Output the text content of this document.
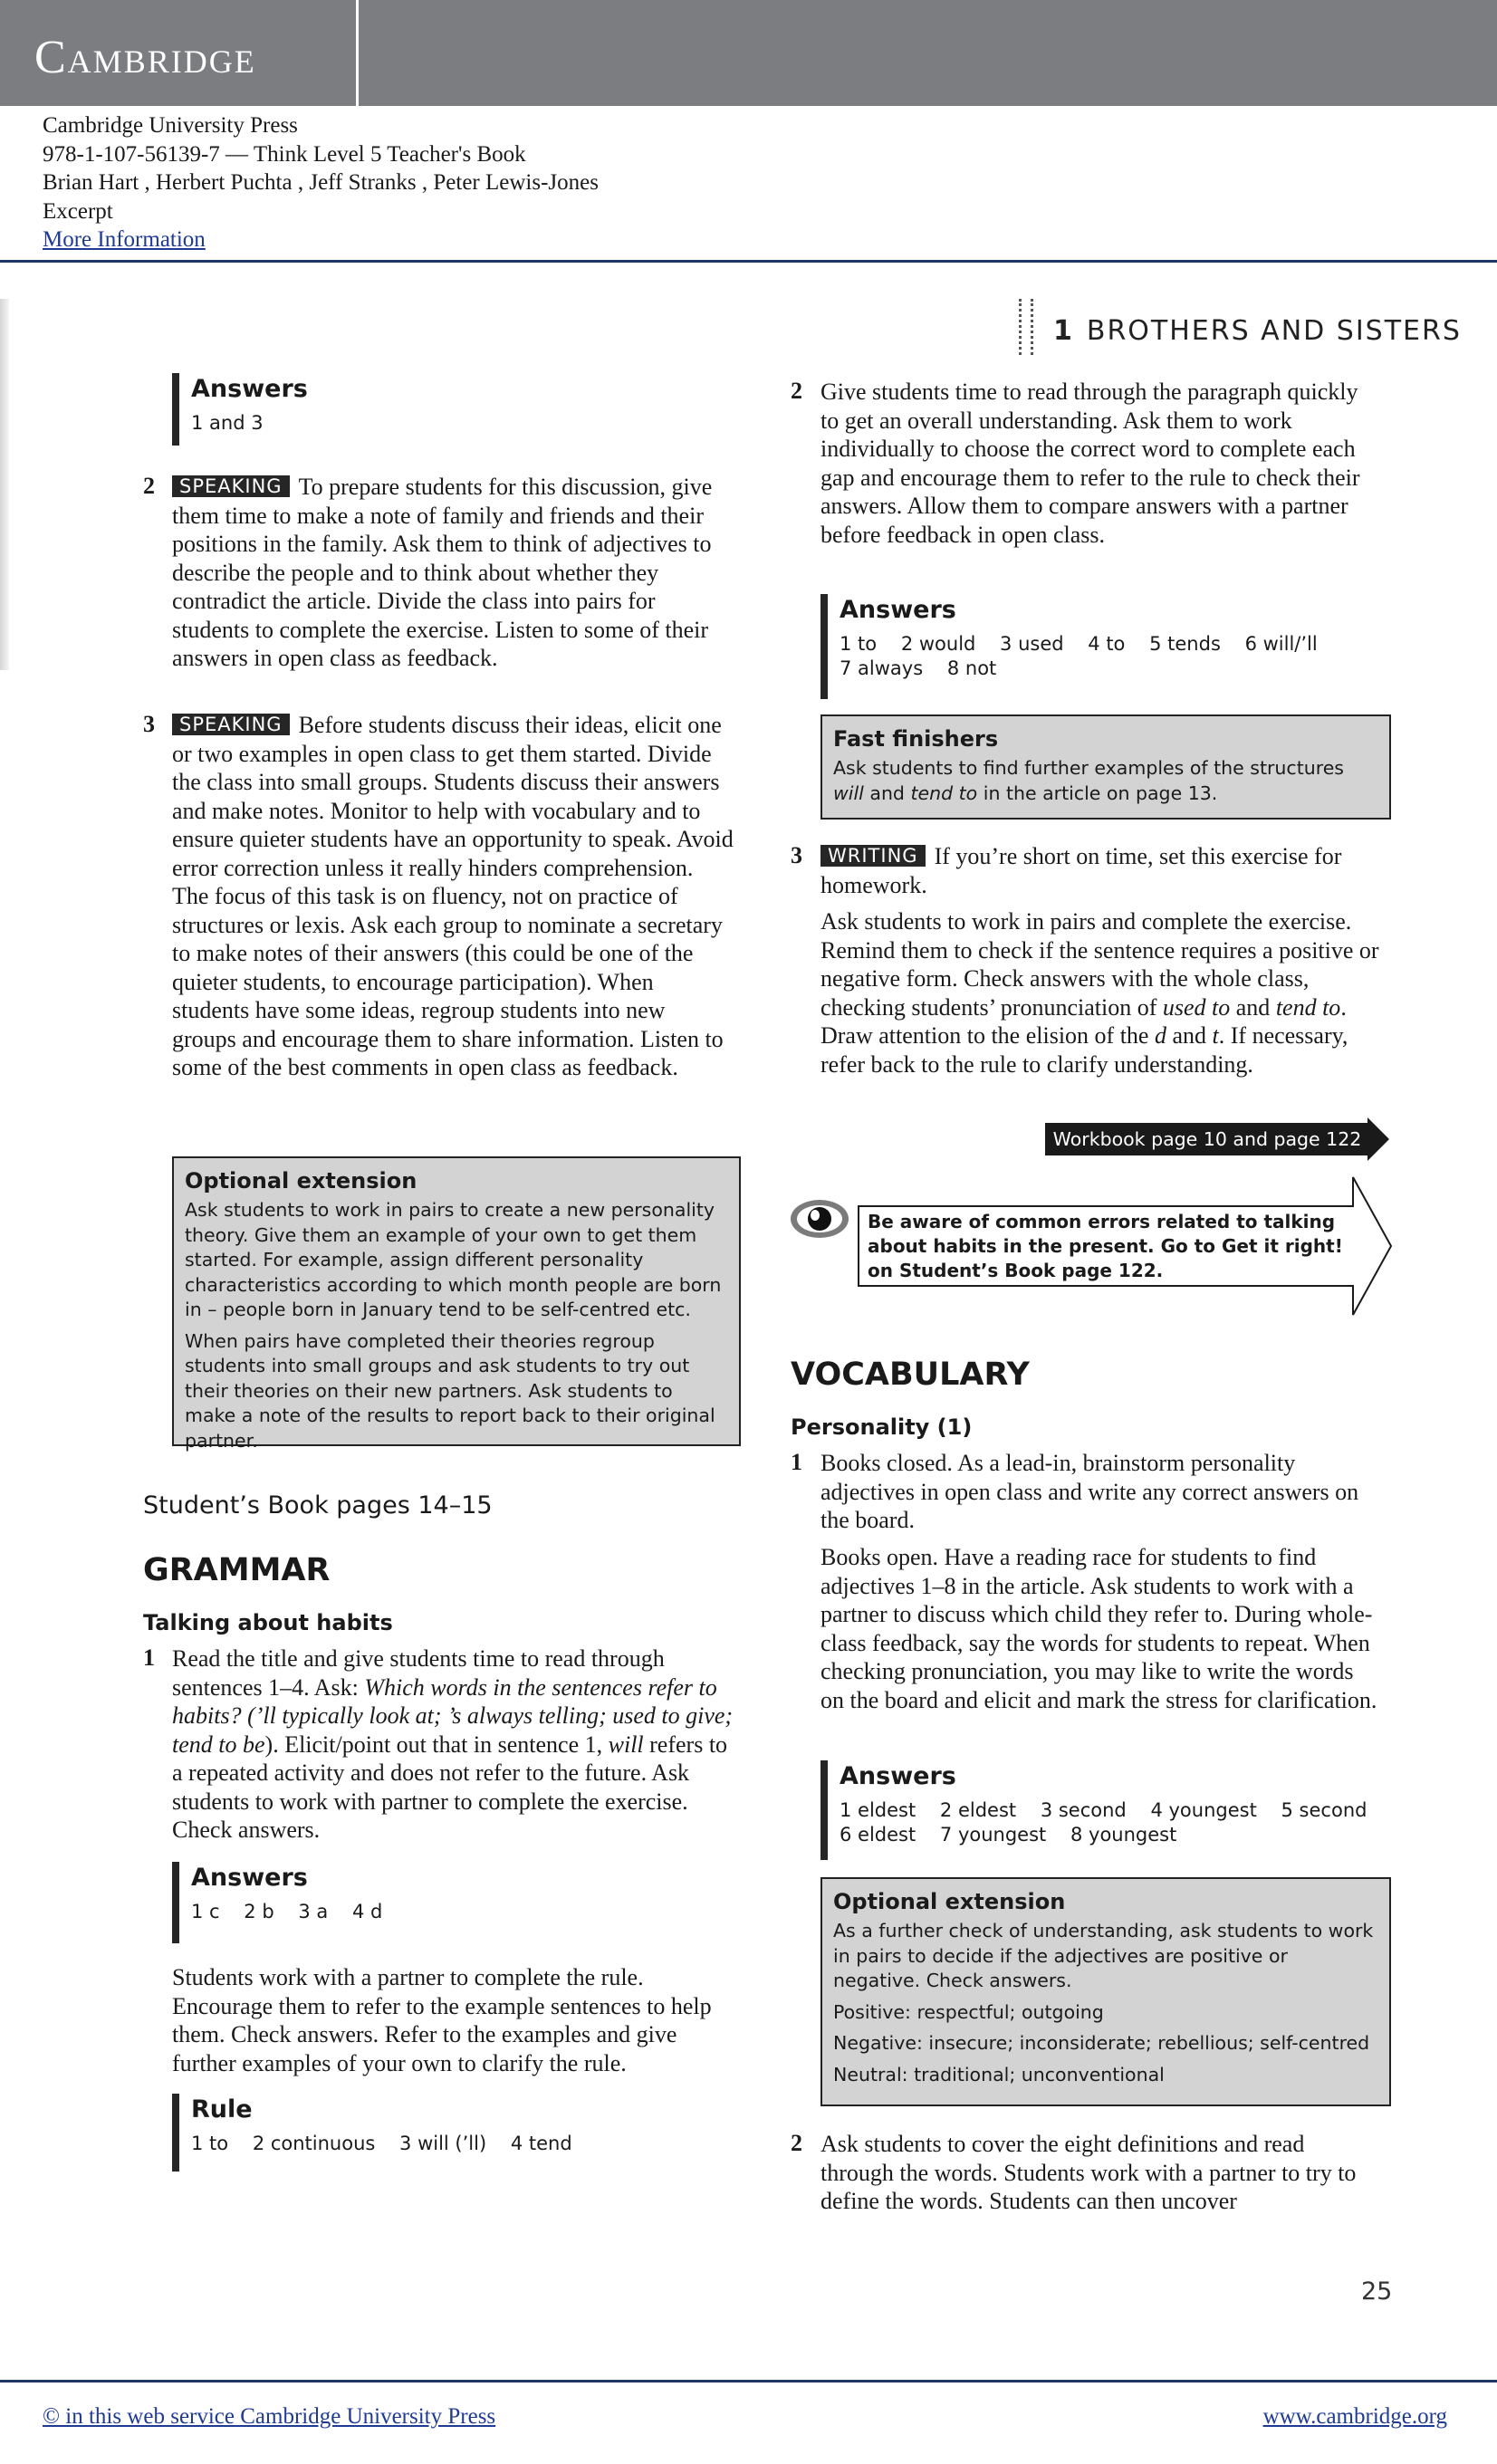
Cambridge
Cambridge University Press
978-1-107-56139-7 — Think Level 5 Teacher's Book
Brian Hart , Herbert Puchta , Jeff Stranks , Peter Lewis-Jones
Excerpt
More Information
1 BROTHERS AND SISTERS
Answers
1 and 3
2	SPEAKING To prepare students for this discussion, give them time to make a note of family and friends and their positions in the family. Ask them to think of adjectives to describe the people and to think about whether they contradict the article. Divide the class into pairs for students to complete the exercise. Listen to some of their answers in open class as feedback.
3	SPEAKING Before students discuss their ideas, elicit one or two examples in open class to get them started. Divide the class into small groups. Students discuss their answers and make notes. Monitor to help with vocabulary and to ensure quieter students have an opportunity to speak. Avoid error correction unless it really hinders comprehension. The focus of this task is on fluency, not on practice of structures or lexis. Ask each group to nominate a secretary to make notes of their answers (this could be one of the quieter students, to encourage participation). When students have some ideas, regroup students into new groups and encourage them to share information. Listen to some of the best comments in open class as feedback.
Optional extension
Ask students to work in pairs to create a new personality theory. Give them an example of your own to get them started. For example, assign different personality characteristics according to which month people are born in – people born in January tend to be self-centred etc.
When pairs have completed their theories regroup students into small groups and ask students to try out their theories on their new partners. Ask students to make a note of the results to report back to their original partner.
Student’s Book pages 14–15
GRAMMAR
Talking about habits
1 Read the title and give students time to read through sentences 1–4. Ask: Which words in the sentences refer to habits? (’ll typically look at; ’s always telling; used to give; tend to be). Elicit/point out that in sentence 1, will refers to a repeated activity and does not refer to the future. Ask students to work with partner to complete the exercise. Check answers.
Answers
1 c    2 b    3 a    4 d
Students work with a partner to complete the rule. Encourage them to refer to the example sentences to help them. Check answers. Refer to the examples and give further examples of your own to clarify the rule.
Rule
1 to    2 continuous    3 will (’ll)    4 tend
2 Give students time to read through the paragraph quickly to get an overall understanding. Ask them to work individually to choose the correct word to complete each gap and encourage them to refer to the rule to check their answers. Allow them to compare answers with a partner before feedback in open class.
Answers
1 to    2 would    3 used    4 to    5 tends    6 will/’ll
7 always    8 not
Fast finishers
Ask students to find further examples of the structures will and tend to in the article on page 13.
3	WRITING If you’re short on time, set this exercise for homework.
Ask students to work in pairs and complete the exercise. Remind them to check if the sentence requires a positive or negative form. Check answers with the whole class, checking students’ pronunciation of used to and tend to. Draw attention to the elision of the d and t. If necessary, refer back to the rule to clarify understanding.
Workbook page 10 and page 122
Be aware of common errors related to talking about habits in the present. Go to Get it right! on Student’s Book page 122.
VOCABULARY
Personality (1)
1 Books closed. As a lead-in, brainstorm personality adjectives in open class and write any correct answers on the board.
Books open. Have a reading race for students to find adjectives 1–8 in the article. Ask students to work with a partner to discuss which child they refer to. During whole-class feedback, say the words for students to repeat. When checking pronunciation, you may like to write the words on the board and elicit and mark the stress for clarification.
Answers
1 eldest    2 eldest    3 second    4 youngest    5 second
6 eldest    7 youngest    8 youngest
Optional extension
As a further check of understanding, ask students to work in pairs to decide if the adjectives are positive or negative. Check answers.
Positive: respectful; outgoing
Negative: insecure; inconsiderate; rebellious; self-centred
Neutral: traditional; unconventional
2 Ask students to cover the eight definitions and read through the words. Students work with a partner to try to define the words. Students can then uncover
25
© in this web service Cambridge University Press	www.cambridge.org
